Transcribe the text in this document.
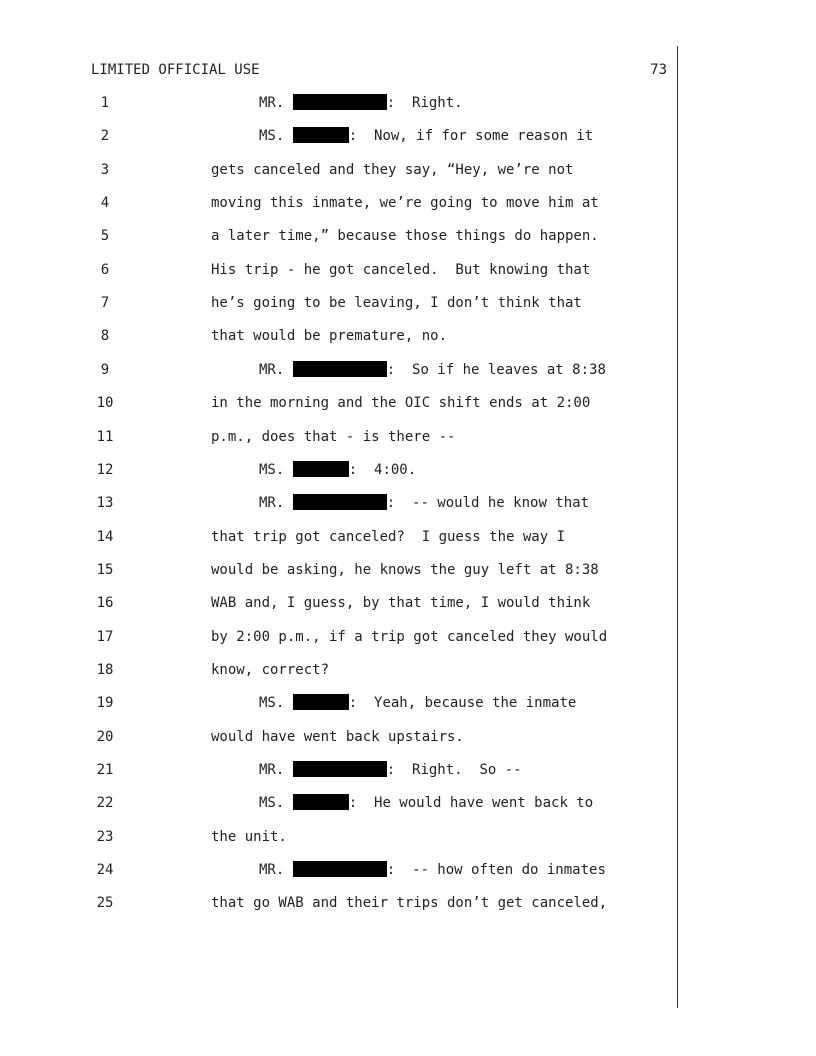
LIMITED OFFICIAL USE	73
1	MR.	:  Right.
2	MS.	:  Now, if for some reason it
3	gets canceled and they say, “Hey, we’re not
4	moving this inmate, we’re going to move him at
5	a later time,” because those things do happen.
6	His trip - he got canceled.  But knowing that
7	he’s going to be leaving, I don’t think that
8	that would be premature, no.
9	MR.	:  So if he leaves at 8:38
10	in the morning and the OIC shift ends at 2:00
11	p.m., does that - is there --
12	MS.	:  4:00.
13	MR.	:  -- would he know that
14	that trip got canceled?  I guess the way I
15	would be asking, he knows the guy left at 8:38
16	WAB and, I guess, by that time, I would think
17	by 2:00 p.m., if a trip got canceled they would
18	know, correct?
19	MS.	:  Yeah, because the inmate
20	would have went back upstairs.
21	MR.	:  Right.  So --
22	MS.	:  He would have went back to
23	the unit.
24	MR.	:  -- how often do inmates
25	that go WAB and their trips don’t get canceled,
